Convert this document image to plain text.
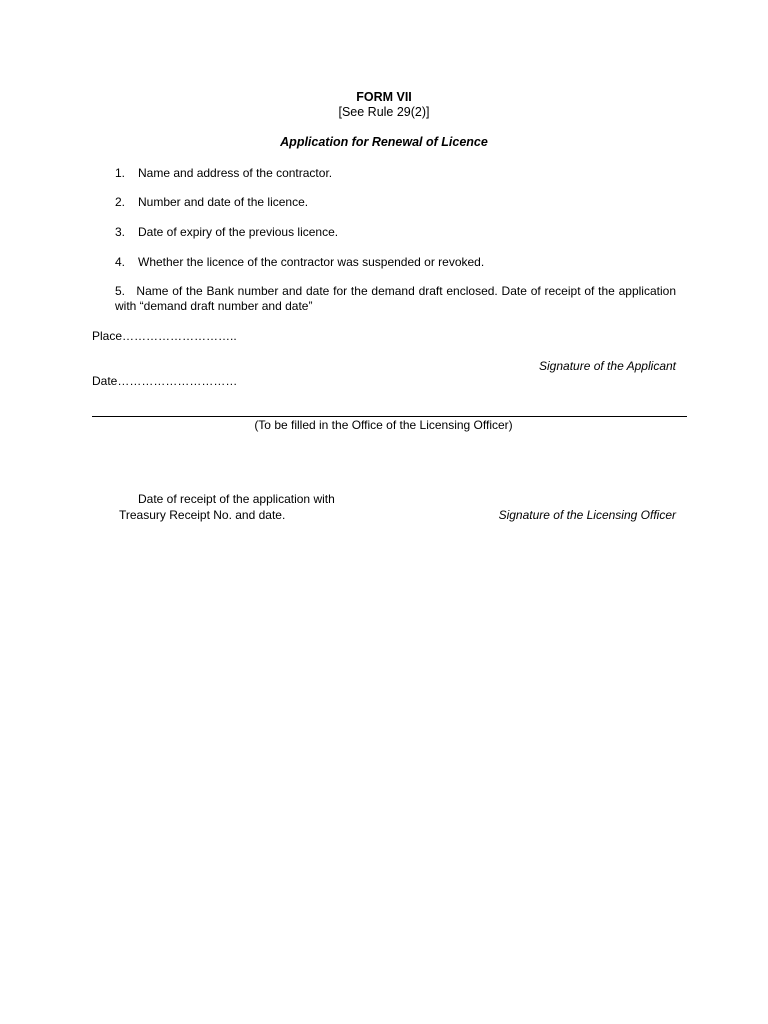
FORM VII
[See Rule 29(2)]
Application for Renewal of Licence
1. Name and address of the contractor.
2. Number and date of the licence.
3. Date of expiry of the previous licence.
4. Whether the licence of the contractor was suspended or revoked.
5. Name of the Bank number and date for the demand draft enclosed. Date of receipt of the application with “demand draft number and date”
Place………………………..
Signature of the Applicant
Date…………………………
(To be filled in the Office of the Licensing Officer)
Date of receipt of the application with
Treasury Receipt No. and date.	Signature of the Licensing Officer
